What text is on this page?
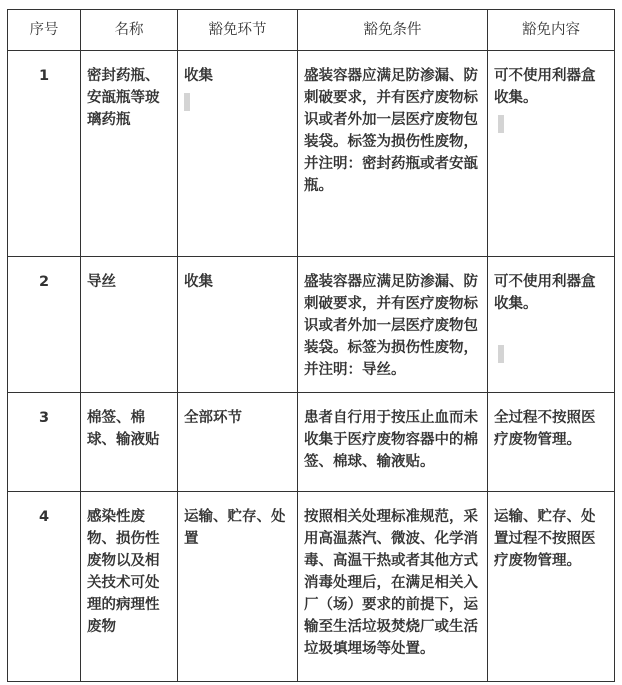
序号	名称	豁免环节	豁免条件	豁免内容

1	密封药瓶、安瓿瓶等玻璃药瓶	收集	盛装容器应满足防渗漏、防刺破要求，并有医疗废物标识或者外加一层医疗废物包装袋。标签为损伤性废物，并注明：密封药瓶或者安瓿瓶。	可不使用利器盒收集。

2	导丝	收集	盛装容器应满足防渗漏、防刺破要求，并有医疗废物标识或者外加一层医疗废物包装袋。标签为损伤性废物，并注明：导丝。	可不使用利器盒收集。

3	棉签、棉球、输液贴	全部环节	患者自行用于按压止血而未收集于医疗废物容器中的棉签、棉球、输液贴。	全过程不按照医疗废物管理。

4	感染性废物、损伤性废物以及相关技术可处理的病理性废物	运输、贮存、处置	按照相关处理标准规范，采用高温蒸汽、微波、化学消毒、高温干热或者其他方式消毒处理后，在满足相关入厂（场）要求的前提下，运输至生活垃圾焚烧厂或生活垃圾填埋场等处置。	运输、贮存、处置过程不按照医疗废物管理。
